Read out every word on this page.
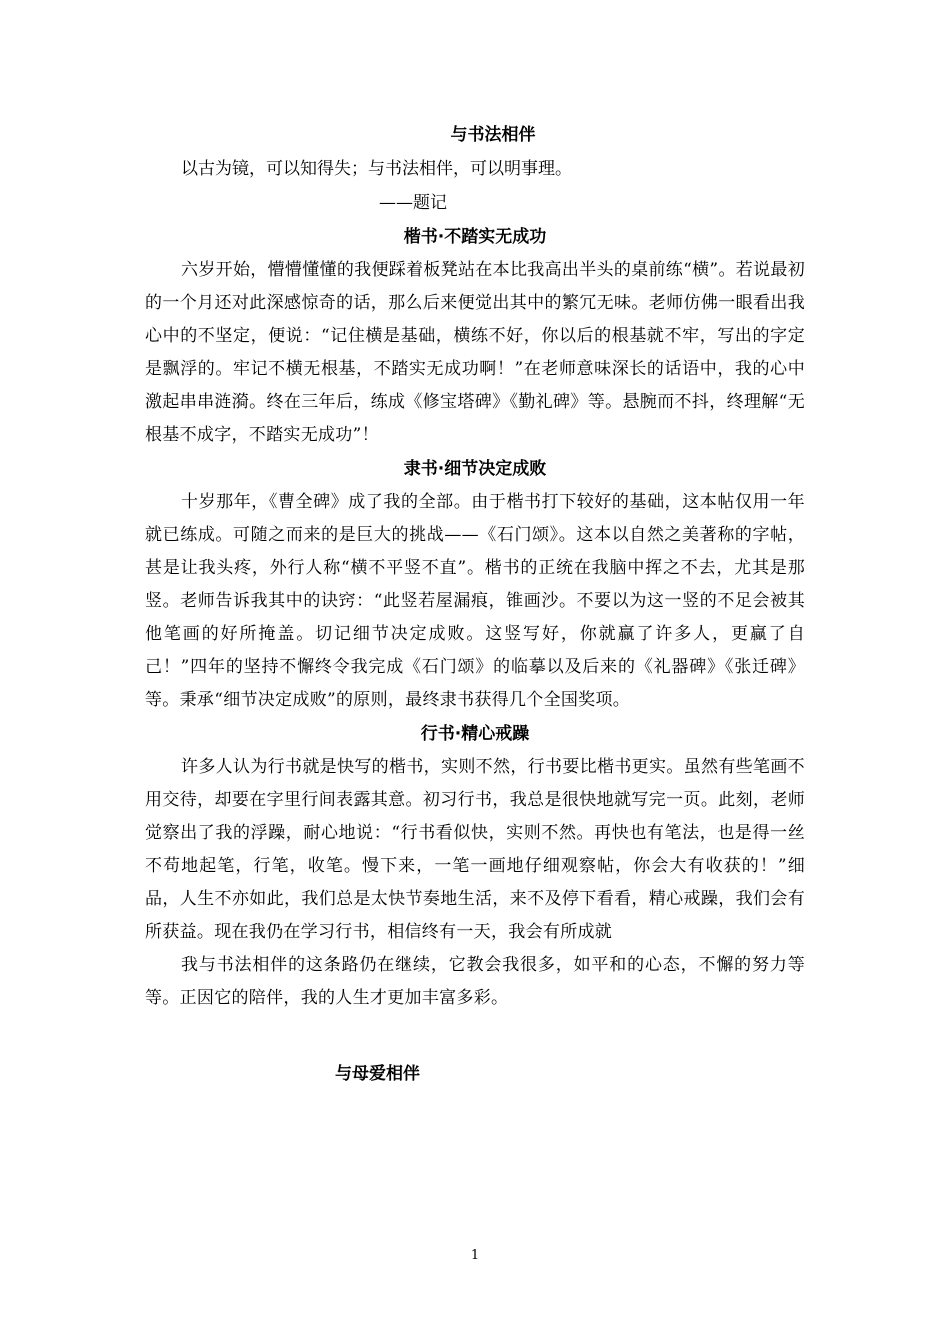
与书法相伴

以古为镜，可以知得失；与书法相伴，可以明事理。

——题记

楷书·不踏实无成功

六岁开始，懵懵懂懂的我便踩着板凳站在本比我高出半头的桌前练“横”。若说最初的一个月还对此深感惊奇的话，那么后来便觉出其中的繁冗无味。老师仿佛一眼看出我心中的不坚定，便说：“记住横是基础，横练不好，你以后的根基就不牢，写出的字定是飘浮的。牢记不横无根基，不踏实无成功啊！”在老师意味深长的话语中，我的心中激起串串涟漪。终在三年后，练成《修宝塔碑》《勤礼碑》等。悬腕而不抖，终理解“无根基不成字，不踏实无成功”！

隶书·细节决定成败

十岁那年，《曹全碑》成了我的全部。由于楷书打下较好的基础，这本帖仅用一年就已练成。可随之而来的是巨大的挑战——《石门颂》。这本以自然之美著称的字帖，甚是让我头疼，外行人称“横不平竖不直”。楷书的正统在我脑中挥之不去，尤其是那竖。老师告诉我其中的诀窍：“此竖若屋漏痕，锥画沙。不要以为这一竖的不足会被其他笔画的好所掩盖。切记细节决定成败。这竖写好，你就赢了许多人，更赢了自己！”四年的坚持不懈终令我完成《石门颂》的临摹以及后来的《礼器碑》《张迁碑》等。秉承“细节决定成败”的原则，最终隶书获得几个全国奖项。

行书·精心戒躁

许多人认为行书就是快写的楷书，实则不然，行书要比楷书更实。虽然有些笔画不用交待，却要在字里行间表露其意。初习行书，我总是很快地就写完一页。此刻，老师觉察出了我的浮躁，耐心地说：“行书看似快，实则不然。再快也有笔法，也是得一丝不苟地起笔，行笔，收笔。慢下来，一笔一画地仔细观察帖，你会大有收获的！”细品，人生不亦如此，我们总是太快节奏地生活，来不及停下看看，精心戒躁，我们会有所获益。现在我仍在学习行书，相信终有一天，我会有所成就

我与书法相伴的这条路仍在继续，它教会我很多，如平和的心态，不懈的努力等等。正因它的陪伴，我的人生才更加丰富多彩。

与母爱相伴
1
